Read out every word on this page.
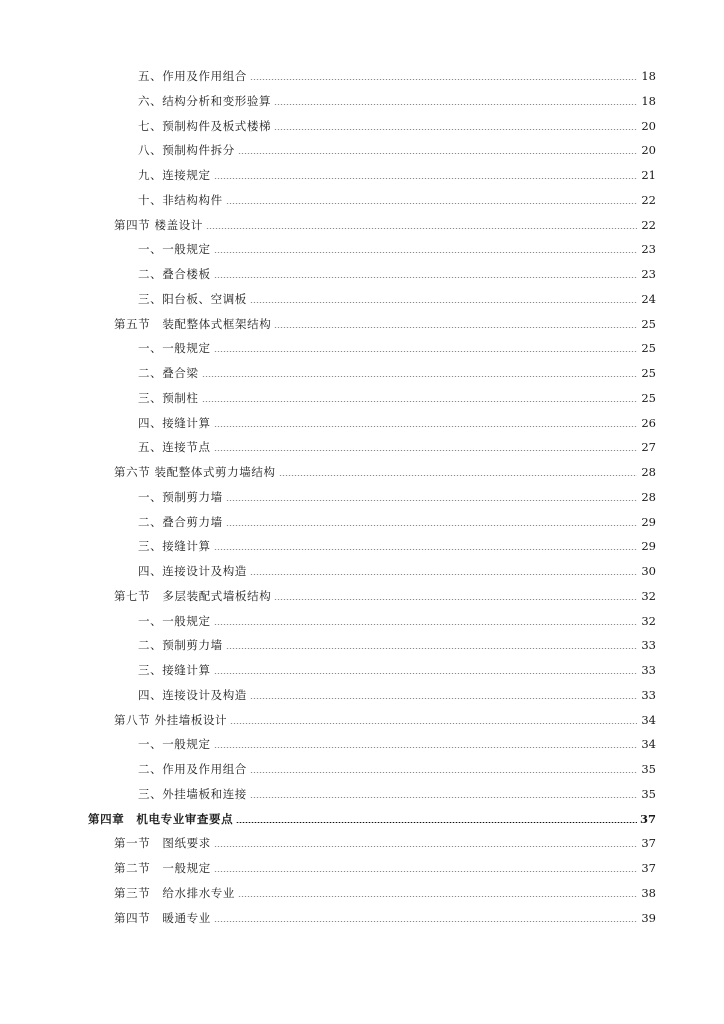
五、作用及作用组合	18
六、结构分析和变形验算	18
七、预制构件及板式楼梯	20
八、预制构件拆分	20
九、连接规定	21
十、非结构构件	22
第四节 楼盖设计	22
一、一般规定	23
二、叠合楼板	23
三、阳台板、空调板	24
第五节　装配整体式框架结构	25
一、一般规定	25
二、叠合梁	25
三、预制柱	25
四、接缝计算	26
五、连接节点	27
第六节 装配整体式剪力墙结构	28
一、预制剪力墙	28
二、叠合剪力墙	29
三、接缝计算	29
四、连接设计及构造	30
第七节　多层装配式墙板结构	32
一、一般规定	32
二、预制剪力墙	33
三、接缝计算	33
四、连接设计及构造	33
第八节 外挂墙板设计	34
一、一般规定	34
二、作用及作用组合	35
三、外挂墙板和连接	35
第四章　机电专业审查要点	37
第一节　图纸要求	37
第二节　一般规定	37
第三节　给水排水专业	38
第四节　暖通专业	39
